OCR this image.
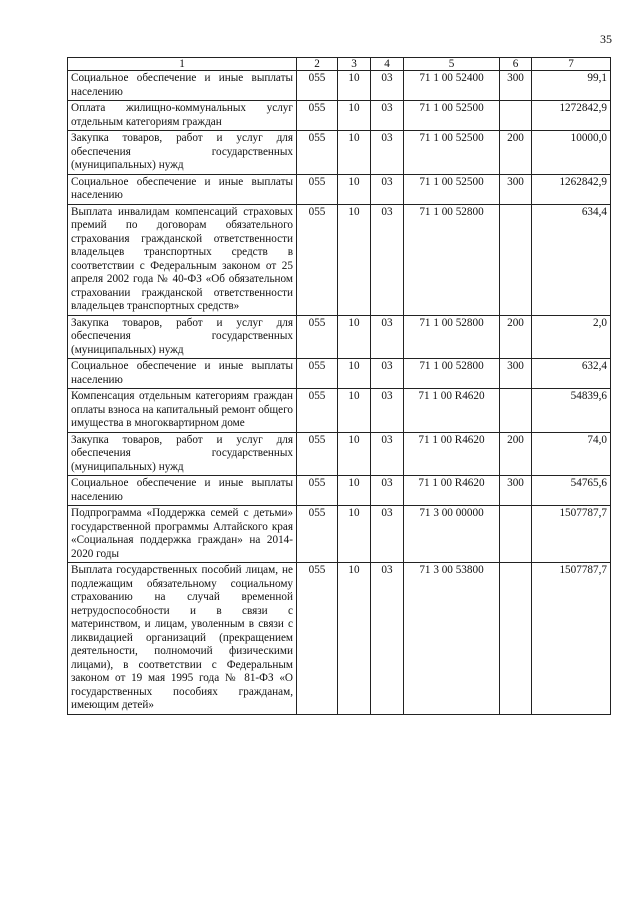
35
1	2	3	4	5	6	7
Социальное обеспечение и иные выплаты населению	055	10	03	71 1 00 52400	300	99,1
Оплата жилищно-коммунальных услуг отдельным категориям граждан	055	10	03	71 1 00 52500		1272842,9
Закупка товаров, работ и услуг для обеспечения государственных (муниципальных) нужд	055	10	03	71 1 00 52500	200	10000,0
Социальное обеспечение и иные выплаты населению	055	10	03	71 1 00 52500	300	1262842,9
Выплата инвалидам компенсаций страховых премий по договорам обязательного страхования гражданской ответственности владельцев транспортных средств в соответствии с Федеральным законом от 25 апреля 2002 года № 40-ФЗ «Об обязательном страховании гражданской ответственности владельцев транспортных средств»	055	10	03	71 1 00 52800		634,4
Закупка товаров, работ и услуг для обеспечения государственных (муниципальных) нужд	055	10	03	71 1 00 52800	200	2,0
Социальное обеспечение и иные выплаты населению	055	10	03	71 1 00 52800	300	632,4
Компенсация отдельным категориям граждан оплаты взноса на капитальный ремонт общего имущества в многоквартирном доме	055	10	03	71 1 00 R4620		54839,6
Закупка товаров, работ и услуг для обеспечения государственных (муниципальных) нужд	055	10	03	71 1 00 R4620	200	74,0
Социальное обеспечение и иные выплаты населению	055	10	03	71 1 00 R4620	300	54765,6
Подпрограмма «Поддержка семей с детьми» государственной программы Алтайского края «Социальная поддержка граждан» на 2014-2020 годы	055	10	03	71 3 00 00000		1507787,7
Выплата государственных пособий лицам, не подлежащим обязательному социальному страхованию на случай временной нетрудоспособности и в связи с материнством, и лицам, уволенным в связи с ликвидацией организаций (прекращением деятельности, полномочий физическими лицами), в соответствии с Федеральным законом от 19 мая 1995 года № 81-ФЗ «О государственных пособиях гражданам, имеющим детей»	055	10	03	71 3 00 53800		1507787,7
